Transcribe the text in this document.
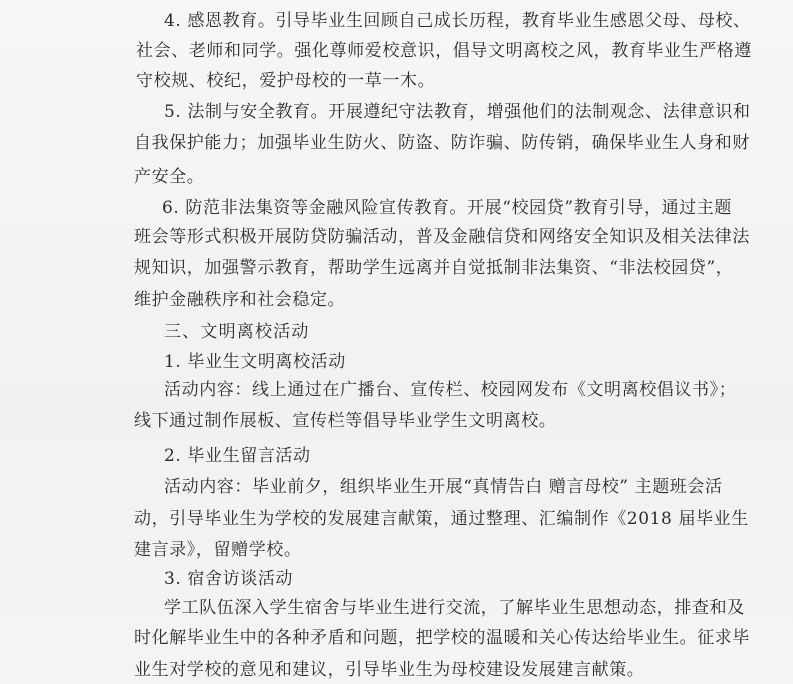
4. 感恩教育。引导毕业生回顾自己成长历程，教育毕业生感恩父母、母校、
社会、老师和同学。强化尊师爱校意识，倡导文明离校之风，教育毕业生严格遵
守校规、校纪，爱护母校的一草一木。
5. 法制与安全教育。开展遵纪守法教育，增强他们的法制观念、法律意识和
自我保护能力；加强毕业生防火、防盗、防诈骗、防传销，确保毕业生人身和财
产安全。
6. 防范非法集资等金融风险宣传教育。开展“校园贷”教育引导，通过主题
班会等形式积极开展防贷防骗活动，普及金融信贷和网络安全知识及相关法律法
规知识，加强警示教育，帮助学生远离并自觉抵制非法集资、“非法校园贷”，
维护金融秩序和社会稳定。
三、文明离校活动
1. 毕业生文明离校活动
活动内容：线上通过在广播台、宣传栏、校园网发布《文明离校倡议书》；
线下通过制作展板、宣传栏等倡导毕业学生文明离校。
2. 毕业生留言活动
活动内容：毕业前夕，组织毕业生开展“真情告白 赠言母校” 主题班会活
动，引导毕业生为学校的发展建言献策，通过整理、汇编制作《2018 届毕业生
建言录》，留赠学校。
3. 宿舍访谈活动
学工队伍深入学生宿舍与毕业生进行交流，了解毕业生思想动态，排查和及
时化解毕业生中的各种矛盾和问题，把学校的温暖和关心传达给毕业生。征求毕
业生对学校的意见和建议，引导毕业生为母校建设发展建言献策。
